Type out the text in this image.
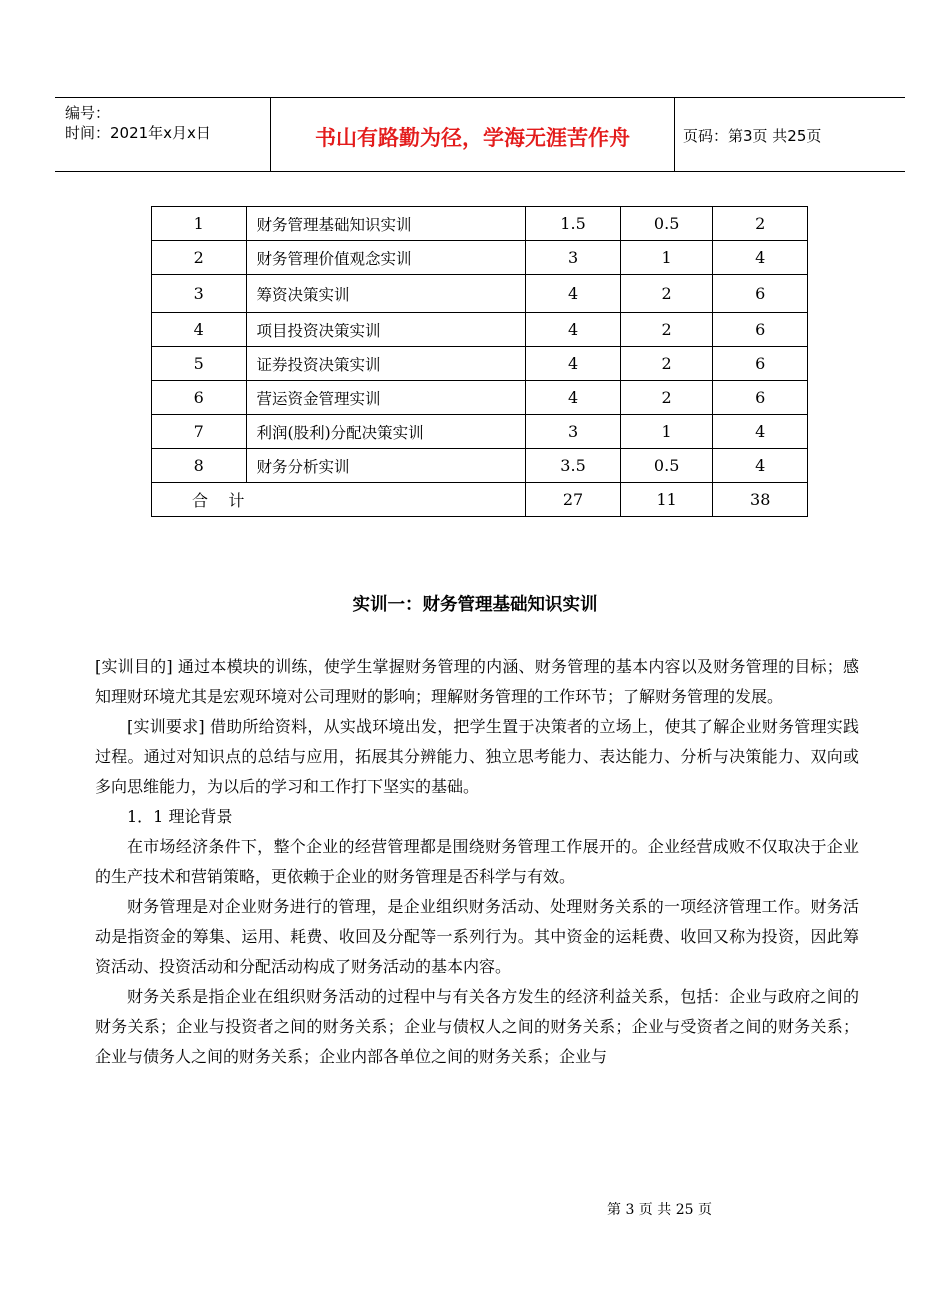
编号：
时间：2021年x月x日	书山有路勤为径，学海无涯苦作舟	页码：第3页 共25页
1	财务管理基础知识实训	1.5	0.5	2
2	财务管理价值观念实训	3	1	4
3	筹资决策实训	4	2	6
4	项目投资决策实训	4	2	6
5	证券投资决策实训	4	2	6
6	营运资金管理实训	4	2	6
7	利润(股利)分配决策实训	3	1	4
8	财务分析实训	3.5	0.5	4
合    计		27	11	38
实训一：财务管理基础知识实训

[实训目的] 通过本模块的训练，使学生掌握财务管理的内涵、财务管理的基本内容以及财务管理的目标；感知理财环境尤其是宏观环境对公司理财的影响；理解财务管理的工作环节；了解财务管理的发展。

[实训要求] 借助所给资料，从实战环境出发，把学生置于决策者的立场上，使其了解企业财务管理实践过程。通过对知识点的总结与应用，拓展其分辨能力、独立思考能力、表达能力、分析与决策能力、双向或多向思维能力，为以后的学习和工作打下坚实的基础。

1．1 理论背景

在市场经济条件下，整个企业的经营管理都是围绕财务管理工作展开的。企业经营成败不仅取决于企业的生产技术和营销策略，更依赖于企业的财务管理是否科学与有效。

财务管理是对企业财务进行的管理，是企业组织财务活动、处理财务关系的一项经济管理工作。财务活动是指资金的筹集、运用、耗费、收回及分配等一系列行为。其中资金的运耗费、收回又称为投资，因此筹资活动、投资活动和分配活动构成了财务活动的基本内容。

财务关系是指企业在组织财务活动的过程中与有关各方发生的经济利益关系，包括：企业与政府之间的财务关系；企业与投资者之间的财务关系；企业与债权人之间的财务关系；企业与受资者之间的财务关系；企业与债务人之间的财务关系；企业内部各单位之间的财务关系；企业与

第 3 页 共 25 页
